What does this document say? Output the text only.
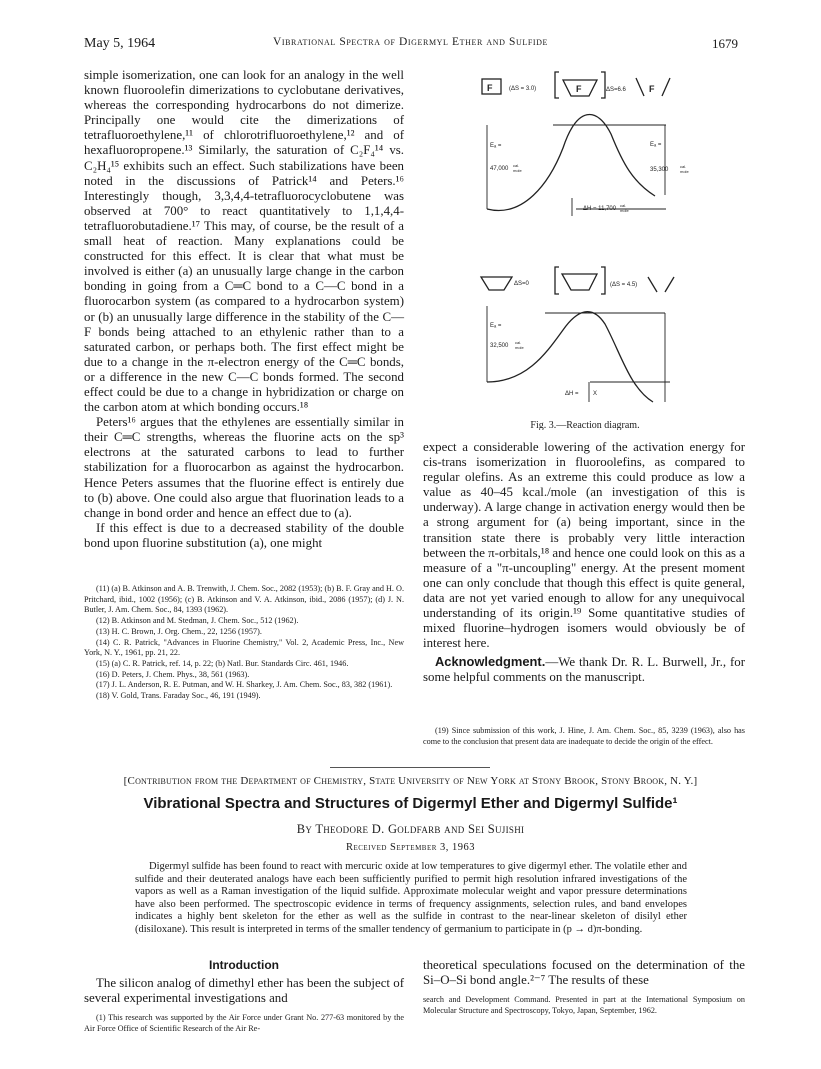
May 5, 1964	Vibrational Spectra of Digermyl Ether and Sulfide	1679

simple isomerization, one can look for an analogy in the well known fluoroolefin dimerizations to cyclobutane derivatives, whereas the corresponding hydrocarbons do not dimerize. Principally one would cite the dimerizations of tetrafluoroethylene,¹¹ of chlorotrifluoroethylene,¹² and of hexafluoropropene.¹³ Similarly, the saturation of C₂F₄¹⁴ vs. C₂H₄¹⁵ exhibits such an effect. Such stabilizations have been noted in the discussions of Patrick¹⁴ and Peters.¹⁶ Interestingly though, 3,3,4,4-tetrafluorocyclobutene was observed at 700° to react quantitatively to 1,1,4,4-tetrafluorobutadiene.¹⁷ This may, of course, be the result of a small heat of reaction. Many explanations could be constructed for this effect. It is clear that what must be involved is either (a) an unusually large change in the carbon bonding in going from a C═C bond to a C—C bond in a fluorocarbon system (as compared to a hydrocarbon system) or (b) an unusually large difference in the stability of the C—F bonds being attached to an ethylenic rather than to a saturated carbon, or perhaps both. The first effect might be due to a change in the π-electron energy of the C═C bonds, or a difference in the new C—C bonds formed. The second effect could be due to a change in hybridization or charge on the carbon atom at which bonding occurs.¹⁸

Peters¹⁶ argues that the ethylenes are essentially similar in their C═C strengths, whereas the fluorine acts on the sp³ electrons at the saturated carbons to lead to further stabilization for a fluorocarbon as against the hydrocarbon. Hence Peters assumes that the fluorine effect is entirely due to (b) above. One could also argue that fluorination leads to a change in bond order and hence an effect due to (a).

If this effect is due to a decreased stability of the double bond upon fluorine substitution (a), one might

(11) (a) B. Atkinson and A. B. Trenwith, J. Chem. Soc., 2082 (1953); (b) B. F. Gray and H. O. Pritchard, ibid., 1002 (1956); (c) B. Atkinson and V. A. Atkinson, ibid., 2086 (1957); (d) J. N. Butler, J. Am. Chem. Soc., 84, 1393 (1962).

(12) B. Atkinson and M. Stedman, J. Chem. Soc., 512 (1962).

(13) H. C. Brown, J. Org. Chem., 22, 1256 (1957).

(14) C. R. Patrick, "Advances in Fluorine Chemistry," Vol. 2, Academic Press, Inc., New York, N. Y., 1961, pp. 21, 22.

(15) (a) C. R. Patrick, ref. 14, p. 22; (b) Natl. Bur. Standards Circ. 461, 1946.

(16) D. Peters, J. Chem. Phys., 38, 561 (1963).

(17) J. L. Anderson, R. E. Putman, and W. H. Sharkey, J. Am. Chem. Soc., 83, 382 (1961).

(18) V. Gold, Trans. Faraday Soc., 46, 191 (1949).

F	(ΔS = 3.0)	F	ΔS=6.6	F
Eₐ =
47,000
cal.
mole
Eₐ =
35,300
cal.
mole
ΔH = 11,700
cal.
mole
ΔS=0	(ΔS = 4.5)
Eₐ =
32,500
cal.
mole
ΔH = X
Fig. 3.—Reaction diagram.

expect a considerable lowering of the activation energy for cis-trans isomerization in fluoroolefins, as compared to regular olefins. As an extreme this could produce as low a value as 40–45 kcal./mole (an investigation of this is underway). A large change in activation energy would then be a strong argument for (a) being important, since in the transition state there is probably very little interaction between the π-orbitals,¹⁸ and hence one could look on this as a measure of a "π-uncoupling" energy. At the present moment one can only conclude that though this effect is quite general, data are not yet varied enough to allow for any unequivocal understanding of its origin.¹⁹ Some quantitative studies of mixed fluorine–hydrogen isomers would obviously be of interest here.

Acknowledgment.—We thank Dr. R. L. Burwell, Jr., for some helpful comments on the manuscript.

(19) Since submission of this work, J. Hine, J. Am. Chem. Soc., 85, 3239 (1963), also has come to the conclusion that present data are inadequate to decide the origin of the effect.

[Contribution from the Department of Chemistry, State University of New York at Stony Brook, Stony Brook, N. Y.]
Vibrational Spectra and Structures of Digermyl Ether and Digermyl Sulfide¹
By Theodore D. Goldfarb and Sei Sujishi
Received September 3, 1963
Digermyl sulfide has been found to react with mercuric oxide at low temperatures to give digermyl ether. The volatile ether and sulfide and their deuterated analogs have each been sufficiently purified to permit high resolution infrared investigations of the vapors as well as a Raman investigation of the liquid sulfide. Approximate molecular weight and vapor pressure determinations have also been performed. The spectroscopic evidence in terms of frequency assignments, selection rules, and band envelopes indicates a highly bent skeleton for the ether as well as the sulfide in contrast to the near-linear skeleton of disilyl ether (disiloxane). This result is interpreted in terms of the smaller tendency of germanium to participate in (p → d)π-bonding.
Introduction
The silicon analog of dimethyl ether has been the subject of several experimental investigations and
(1) This research was supported by the Air Force under Grant No. 277-63 monitored by the Air Force Office of Scientific Research of the Air Re-
theoretical speculations focused on the determination of the Si–O–Si bond angle.²⁻⁷ The results of these
search and Development Command. Presented in part at the International Symposium on Molecular Structure and Spectroscopy, Tokyo, Japan, September, 1962.
